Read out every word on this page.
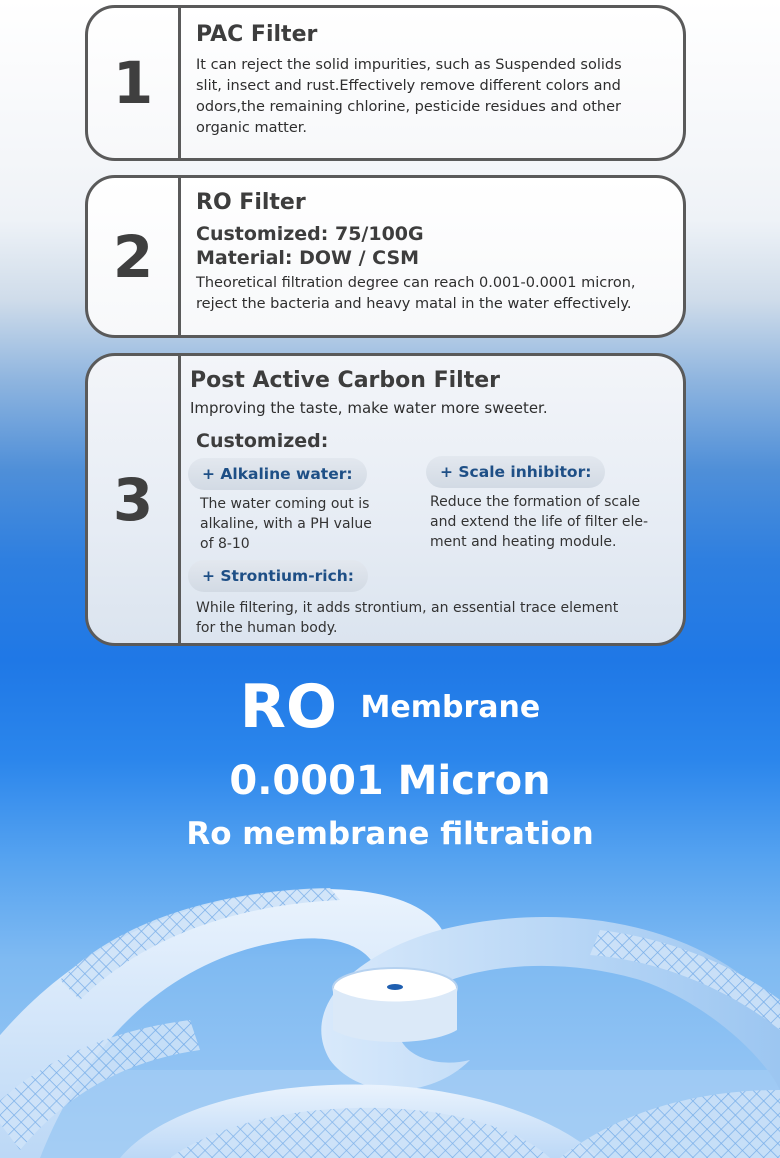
1
PAC Filter
It can reject the solid impurities, such as Suspended solids
slit, insect and rust.Effectively remove different colors and
odors,the remaining chlorine, pesticide residues and other
organic matter.
2
RO Filter
Customized: 75/100G
Material: DOW / CSM
Theoretical filtration degree can reach 0.001-0.0001 micron,
reject the bacteria and heavy matal in the water effectively.
3
Post Active Carbon Filter
Improving the taste, make water more sweeter.
Customized:
+ Alkaline water:
The water coming out is
alkaline, with a PH value
of 8-10
+ Scale inhibitor:
Reduce the formation of scale
and extend the life of filter ele-
ment and heating module.
+ Strontium-rich:
While filtering, it adds strontium, an essential trace element
for the human body.
RO Membrane
0.0001 Micron
Ro membrane filtration
